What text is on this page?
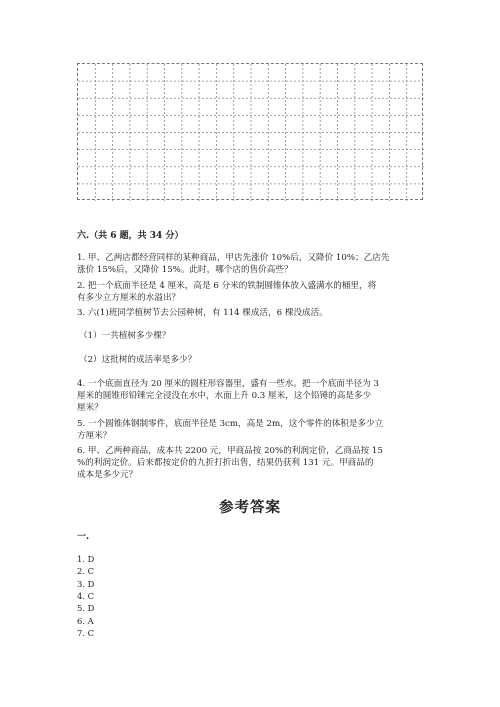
六.（共 6 题，共 34 分）
1. 甲、乙两店都经营同样的某种商品，甲店先涨价 10%后，又降价 10%；乙店先
涨价 15%后，又降价 15%。此时，哪个店的售价高些？
2. 把一个底面半径是 4 厘米，高是 6 分米的铁制圆锥体放入盛满水的桶里，将
有多少立方厘米的水溢出？
3. 六(1)班同学植树节去公园种树，有 114 棵成活，6 棵没成活。
（1）一共植树多少棵？
（2）这批树的成活率是多少？
4. 一个底面直径为 20 厘米的圆柱形容器里，盛有一些水。把一个底面半径为 3
厘米的圆锥形铅锤完全浸没在水中，水面上升 0.3 厘米，这个铅锤的高是多少
厘米？
5. 一个圆锥体钢制零件，底面半径是 3cm，高是 2m，这个零件的体积是多少立
方厘米？
6. 甲、乙两种商品，成本共 2200 元，甲商品按 20%的利润定价，乙商品按 15
%的利润定价。后来都按定价的九折打折出售，结果仍获利 131 元。甲商品的
成本是多少元？
参考答案
一.
1. D
2. C
3. D
4. C
5. D
6. A
7. C
